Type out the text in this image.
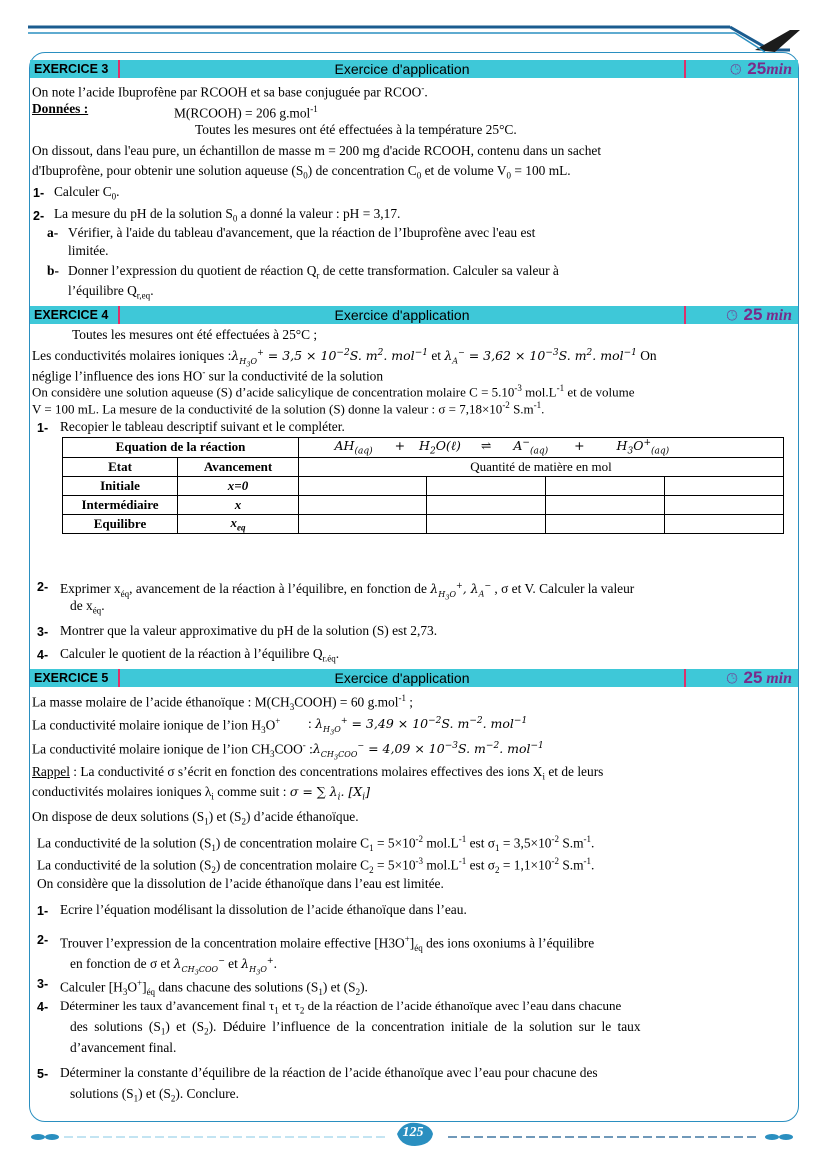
EXERCICE 3	Exercice d'application	🕒︎ 25min
On note l’acide Ibuprofène par RCOOH et sa base conjuguée par RCOO-.
Données :	M(RCOOH) = 206 g.mol$^{-1}$
Toutes les mesures ont été effectuées à la température 25°C.
On dissout, dans l'eau pure, un échantillon de masse m = 200 mg d'acide RCOOH, contenu dans un sachet
d'Ibuprofène, pour obtenir une solution aqueuse $(S_0)$ de concentration $C_0$ et de volume $V_0 = 100$ mL.
1- Calculer $C_0$.
2- La mesure du pH de la solution $S_0$ a donné la valeur : pH = 3,17.
a- Vérifier, à l'aide du tableau d'avancement, que la réaction de l’Ibuprofène avec l'eau est
limitée.
b- Donner l’expression du quotient de réaction $Q_r$ de cette transformation. Calculer sa valeur à
l’équilibre $Q_{r,eq}$.
EXERCICE 4	Exercice d'application	🕒︎ 25 min
Toutes les mesures ont été effectuées à 25°C ;
Les conductivités molaires ioniques $:\lambda_{H_3O}^+ = 3,5 \times 10^{-2}S$. $m^2$. mol$^{-1}$ et $\lambda_A^- = 3,62 \times 10^{-3}S$. $m^2$. mol$^{-1}$ On
néglige l’influence des ions HO- sur la conductivité de la solution
On considère une solution aqueuse (S) d’acide salicylique de concentration molaire $C = 5.10^{-3}$ $mol.L^{-1}$ et de volume
V = 100 mL. La mesure de la conductivité de la solution (S) donne la valeur : $\sigma = 7,18\times 10^{-2}$ $S.m^{-1}$.
1- Recopier le tableau descriptif suivant et le compléter.
Equation de la réaction		$AH_{(aq)}$ + $H_2O(\ell)$ ⇌ $A^-_{(aq)} + H_3O^+_{(aq)}$
Etat	Avancement	Quantité de matière en mol			
Initiale	x=0				
Intermédiaire	x				
Equilibre	$x_{eq}$				
2- Exprimer $x_{éq}$, avancement de la réaction à l’équilibre, en fonction de $\lambda_{H_3O}^+$, $\lambda_A^-$ , σ et V. Calculer la valeur
de $x_{éq}$.
3- Montrer que la valeur approximative du pH de la solution (S) est 2,73.
4- Calculer le quotient de la réaction à l’équilibre $Q_{r.éq}$.
EXERCICE 5	Exercice d'application	🕒︎ 25 min
La masse molaire de l’acide éthanoïque : $M(CH_3COOH) = 60$ g.mol$^{-1}$ ;
La conductivité molaire ionique de l’ion $H_3O^+$ : $\lambda_{H_3O}^+ = 3,49 \times 10^{-2}S$. $m^{-2}$. mol$^{-1}$
La conductivité molaire ionique de l’ion $CH_3COO^-$ $:\lambda_{CH_3COO}^- = 4,09 \times 10^{-3}S$. $m^{-2}$. mol$^{-1}$
Rappel : La conductivité σ s’écrit en fonction des concentrations molaires effectives des ions $X_i$ et de leurs
conductivités molaires ioniques $\lambda_i$ comme suit : σ = ∑ $\lambda_i$. $[X_i]$
On dispose de deux solutions $(S_1)$ et $(S_2)$ d’acide éthanoïque.
La conductivité de la solution $(S_1)$ de concentration molaire $C_1 = 5\times 10^{-2}$ $mol.L^{-1}$ est $\sigma_1 = 3,5\times 10^{-2}$ $S.m^{-1}$.
La conductivité de la solution $(S_2)$ de concentration molaire $C_2 = 5\times 10^{-3}$ $mol.L^{-1}$ est $\sigma_2 = 1,1\times 10^{-2}$ $S.m^{-1}$.
On considère que la dissolution de l’acide éthanoïque dans l’eau est limitée.
1- Ecrire l’équation modélisant la dissolution de l’acide éthanoïque dans l’eau.
2- Trouver l’expression de la concentration molaire effective $[H3O^+]_{éq}$ des ions oxoniums à l’équilibre
en fonction de σ et $\lambda_{CH_3COO}^-$ et $\lambda_{H_3O}^+$.
3- Calculer $[H_3O^+]_{éq}$ dans chacune des solutions $(S_1)$ et $(S_2)$.
4- Déterminer les taux d’avancement final $\tau_1$ et $\tau_2$ de la réaction de l’acide éthanoïque avec l’eau dans chacune
des solutions $(S_1)$ et $(S_2)$. Déduire l’influence de la concentration initiale de la solution sur le taux
d’avancement final.
5- Déterminer la constante d’équilibre de la réaction de l’acide éthanoïque avec l’eau pour chacune des
solutions $(S_1)$ et $(S_2)$. Conclure.
125
